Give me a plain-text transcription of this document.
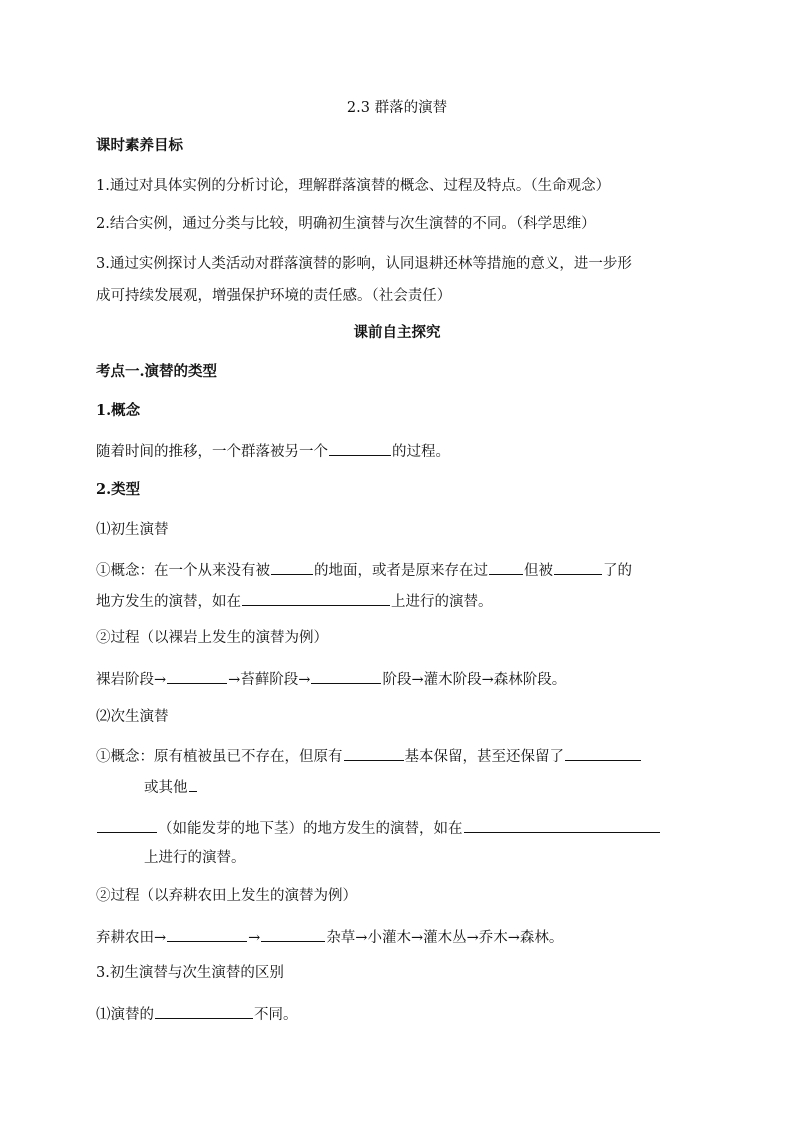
2.3 群落的演替
课时素养目标
1.通过对具体实例的分析讨论，理解群落演替的概念、过程及特点。（生命观念）
2.结合实例，通过分类与比较，明确初生演替与次生演替的不同。（科学思维）
3.通过实例探讨人类活动对群落演替的影响，认同退耕还林等措施的意义，进一步形
成可持续发展观，增强保护环境的责任感。（社会责任）
课前自主探究
考点一.演替的类型
1.概念
随着时间的推移，一个群落被另一个	的过程。
2.类型
⑴初生演替
①概念：在一个从来没有被	的地面，或者是原来存在过 但被	了的
地方发生的演替，如在	上进行的演替。
②过程（以裸岩上发生的演替为例）
裸岩阶段→	→苔藓阶段→	阶段→灌木阶段→森林阶段。
⑵次生演替
①概念：原有植被虽已不存在，但原有	基本保留，甚至还保留了
或其他
（如能发芽的地下茎）的地方发生的演替，如在
上进行的演替。
②过程（以弃耕农田上发生的演替为例）
弃耕农田→	→	杂草→小灌木→灌木丛→乔木→森林。
3.初生演替与次生演替的区别
⑴演替的	不同。
